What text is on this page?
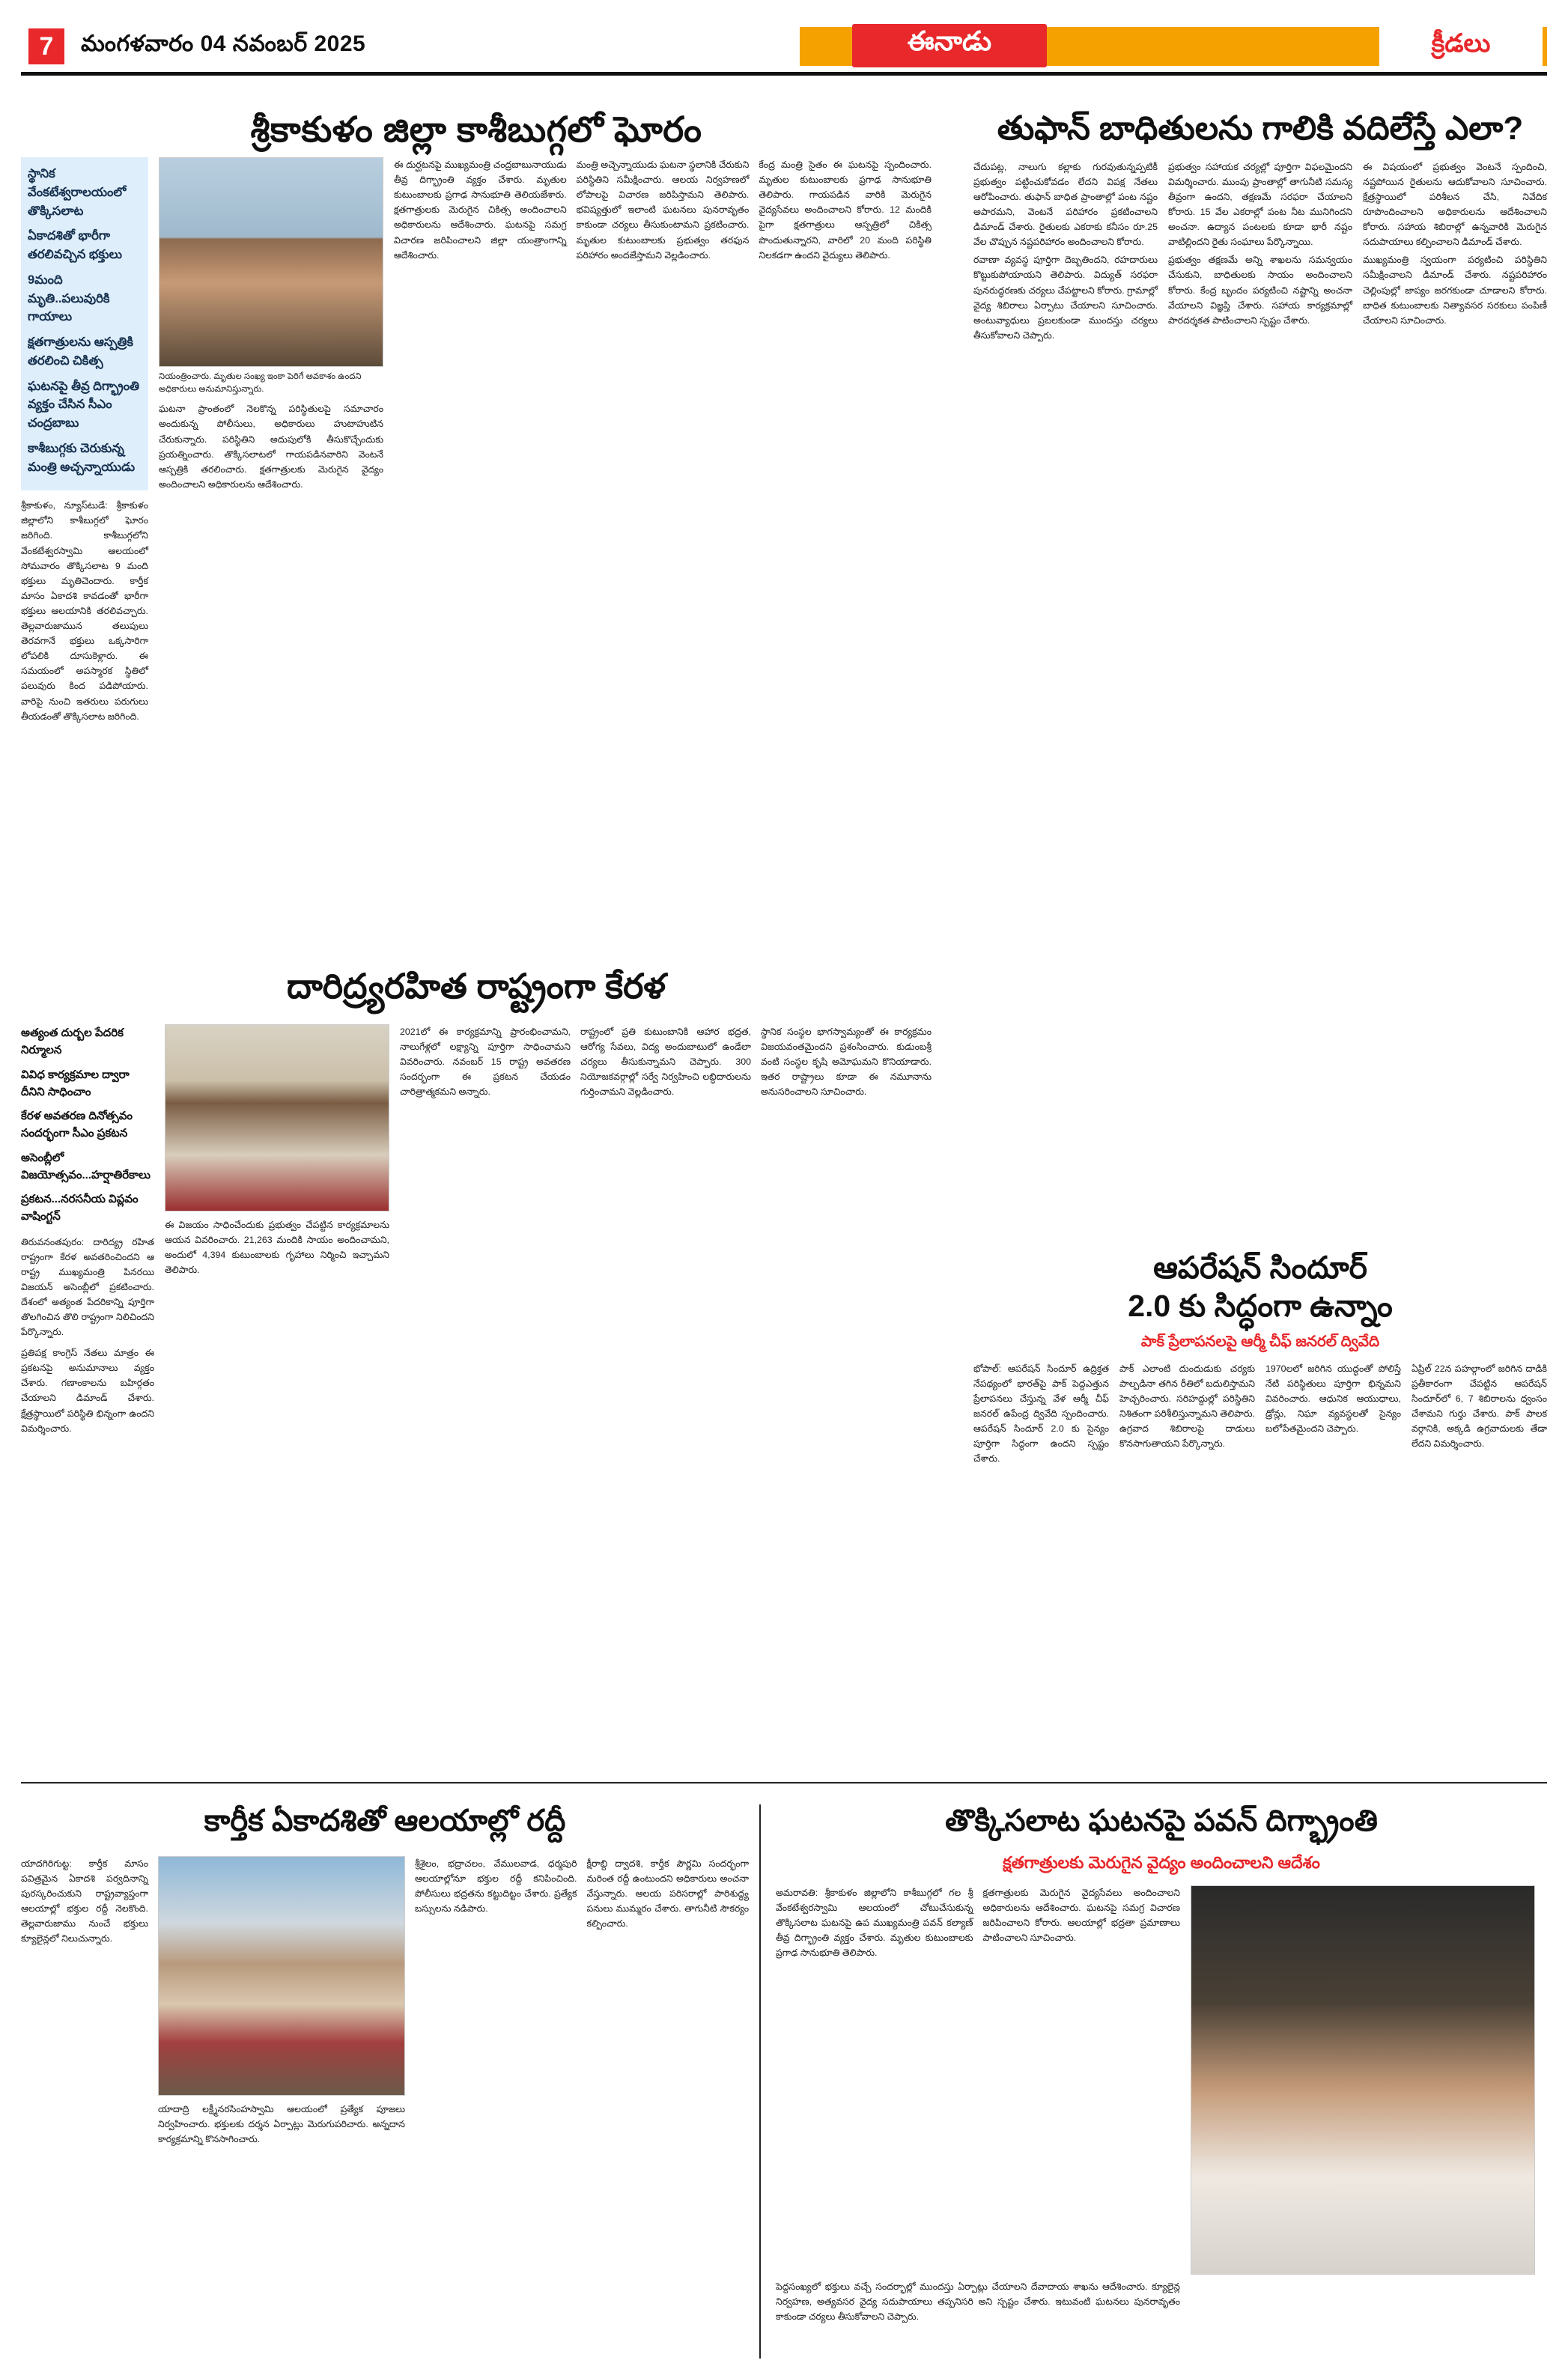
7	మంగళవారం 04 నవంబర్ 2025	ఈనాడు	క్రీడలు
శ్రీకాకుళం జిల్లా కాశీబుగ్గలో ఘోరం
స్థానిక వేంకటేశ్వరాలయంలో తొక్కిసలాట
ఏకాదశితో భారీగా తరలివచ్చిన భక్తులు
9మంది మృతి..పలువురికి గాయాలు
క్షతగాత్రులను ఆస్పత్రికి తరలించి చికిత్స
ఘటనపై తీవ్ర దిగ్భ్రాంతి వ్యక్తం చేసిన సీఎం చంద్రబాబు
కాశీబుగ్గకు చెరుకున్న మంత్రి అచ్చన్నాయుడు
శ్రీకాకుళం, న్యూస్‌టుడే: శ్రీకాకుళం జిల్లాలోని కాశీబుగ్గలో ఘోరం జరిగింది. కాశీబుగ్గలోని వేంకటేశ్వరస్వామి ఆలయంలో సోమవారం తొక్కిసలాట 9 మంది భక్తులు మృతిచెందారు. కార్తీక మాసం ఏకాదశి కావడంతో భారీగా భక్తులు ఆలయానికి తరలివచ్చారు. తెల్లవారుజామున తలుపులు తెరవగానే భక్తులు ఒక్కసారిగా లోపలికి దూసుకెళ్లారు. ఈ సమయంలో అపస్మారక స్థితిలో పలువురు కింద పడిపోయారు. వారిపై నుంచి ఇతరులు పరుగులు తీయడంతో తొక్కిసలాట జరిగింది.
నియంత్రించారు. మృతుల సంఖ్య ఇంకా పెరిగే అవకాశం ఉందని అధికారులు అనుమానిస్తున్నారు.
ఘటనా ప్రాంతంలో నెలకొన్న పరిస్థితులపై సమాచారం అందుకున్న పోలీసులు, అధికారులు హుటాహుటిన చేరుకున్నారు. పరిస్థితిని అదుపులోకి తీసుకొచ్చేందుకు ప్రయత్నించారు. తొక్కిసలాటలో గాయపడినవారిని వెంటనే ఆస్పత్రికి తరలించారు. క్షతగాత్రులకు మెరుగైన వైద్యం అందించాలని అధికారులను ఆదేశించారు.
ఈ దుర్ఘటనపై ముఖ్యమంత్రి చంద్రబాబునాయుడు తీవ్ర దిగ్భ్రాంతి వ్యక్తం చేశారు. మృతుల కుటుంబాలకు ప్రగాఢ సానుభూతి తెలియజేశారు. క్షతగాత్రులకు మెరుగైన చికిత్స అందించాలని అధికారులను ఆదేశించారు. ఘటనపై సమగ్ర విచారణ జరిపించాలని జిల్లా యంత్రాంగాన్ని ఆదేశించారు.
మంత్రి అచ్చెన్నాయుడు ఘటనా స్థలానికి చేరుకుని పరిస్థితిని సమీక్షించారు. ఆలయ నిర్వహణలో లోపాలపై విచారణ జరిపిస్తామని తెలిపారు. భవిష్యత్తులో ఇలాంటి ఘటనలు పునరావృతం కాకుండా చర్యలు తీసుకుంటామని ప్రకటించారు. మృతుల కుటుంబాలకు ప్రభుత్వం తరఫున పరిహారం అందజేస్తామని వెల్లడించారు.
కేంద్ర మంత్రి సైతం ఈ ఘటనపై స్పందించారు. మృతుల కుటుంబాలకు ప్రగాఢ సానుభూతి తెలిపారు. గాయపడిన వారికి మెరుగైన వైద్యసేవలు అందించాలని కోరారు. 12 మందికి పైగా క్షతగాత్రులు ఆస్పత్రిలో చికిత్స పొందుతున్నారని, వారిలో 20 మంది పరిస్థితి నిలకడగా ఉందని వైద్యులు తెలిపారు.
తుఫాన్‌ బాధితులను గాలికి వదిలేస్తే ఎలా?
చేదుపట్ల, నాలుగు కల్లాకు గురవుతున్నప్పటికీ ప్రభుత్వం పట్టించుకోవడం లేదని విపక్ష నేతలు ఆరోపించారు. తుఫాన్‌ బాధిత ప్రాంతాల్లో పంట నష్టం అపారమని, వెంటనే పరిహారం ప్రకటించాలని డిమాండ్‌ చేశారు. రైతులకు ఎకరాకు కనీసం రూ.25 వేల చొప్పున నష్టపరిహారం అందించాలని కోరారు.
ప్రభుత్వం సహాయక చర్యల్లో పూర్తిగా విఫలమైందని విమర్శించారు. ముంపు ప్రాంతాల్లో తాగునీటి సమస్య తీవ్రంగా ఉందని, తక్షణమే సరఫరా చేయాలని కోరారు. 15 వేల ఎకరాల్లో పంట నీట మునిగిందని అంచనా. ఉద్యాన పంటలకు కూడా భారీ నష్టం వాటిల్లిందని రైతు సంఘాలు పేర్కొన్నాయి.
ఈ విషయంలో ప్రభుత్వం వెంటనే స్పందించి, నష్టపోయిన రైతులను ఆదుకోవాలని సూచించారు. క్షేత్రస్థాయిలో పరిశీలన చేసి, నివేదిక రూపొందించాలని అధికారులను ఆదేశించాలని కోరారు. సహాయ శిబిరాల్లో ఉన్నవారికి మెరుగైన సదుపాయాలు కల్పించాలని డిమాండ్‌ చేశారు.
రవాణా వ్యవస్థ పూర్తిగా దెబ్బతిందని, రహదారులు కొట్టుకుపోయాయని తెలిపారు. విద్యుత్‌ సరఫరా పునరుద్ధరణకు చర్యలు చేపట్టాలని కోరారు. గ్రామాల్లో వైద్య శిబిరాలు ఏర్పాటు చేయాలని సూచించారు. అంటువ్యాధులు ప్రబలకుండా ముందస్తు చర్యలు తీసుకోవాలని చెప్పారు.
ప్రభుత్వం తక్షణమే అన్ని శాఖలను సమన్వయం చేసుకుని, బాధితులకు సాయం అందించాలని కోరారు. కేంద్ర బృందం పర్యటించి నష్టాన్ని అంచనా వేయాలని విజ్ఞప్తి చేశారు. సహాయ కార్యక్రమాల్లో పారదర్శకత పాటించాలని స్పష్టం చేశారు.
ముఖ్యమంత్రి స్వయంగా పర్యటించి పరిస్థితిని సమీక్షించాలని డిమాండ్‌ చేశారు. నష్టపరిహారం చెల్లింపుల్లో జాప్యం జరగకుండా చూడాలని కోరారు. బాధిత కుటుంబాలకు నిత్యావసర సరకులు పంపిణీ చేయాలని సూచించారు.
దారిద్ర్యరహిత రాష్ట్రంగా కేరళ
అత్యంత దుర్బల పేదరిక నిర్మూలన
వివిధ కార్యక్రమాల ద్వారా దీనిని సాధించాం
కేరళ అవతరణ దినోత్సవం సందర్భంగా సీఎం ప్రకటన
అసెంబ్లీలో విజయోత్సవం...హర్షాతిరేకాలు
ప్రకటన...నరసనీయ విప్లవం వాషింగ్టన్
తిరువనంతపురం: దారిద్య్ర రహిత రాష్ట్రంగా కేరళ అవతరించిందని ఆ రాష్ట్ర ముఖ్యమంత్రి పినరయి విజయన్‌ అసెంబ్లీలో ప్రకటించారు. దేశంలో అత్యంత పేదరికాన్ని పూర్తిగా తొలగించిన తొలి రాష్ట్రంగా నిలిచిందని పేర్కొన్నారు.
ఈ విజయం సాధించేందుకు ప్రభుత్వం చేపట్టిన కార్యక్రమాలను ఆయన వివరించారు. 21,263 మందికి సాయం అందించామని, అందులో 4,394 కుటుంబాలకు గృహాలు నిర్మించి ఇచ్చామని తెలిపారు.
2021లో ఈ కార్యక్రమాన్ని ప్రారంభించామని, నాలుగేళ్లలో లక్ష్యాన్ని పూర్తిగా సాధించామని వివరించారు. నవంబర్‌ 15 రాష్ట్ర అవతరణ సందర్భంగా ఈ ప్రకటన చేయడం చారిత్రాత్మకమని అన్నారు.
రాష్ట్రంలో ప్రతి కుటుంబానికి ఆహార భద్రత, ఆరోగ్య సేవలు, విద్య అందుబాటులో ఉండేలా చర్యలు తీసుకున్నామని చెప్పారు. 300 నియోజకవర్గాల్లో సర్వే నిర్వహించి లబ్ధిదారులను గుర్తించామని వెల్లడించారు.
స్థానిక సంస్థల భాగస్వామ్యంతో ఈ కార్యక్రమం విజయవంతమైందని ప్రశంసించారు. కుడుంబశ్రీ వంటి సంస్థల కృషి అమోఘమని కొనియాడారు. ఇతర రాష్ట్రాలు కూడా ఈ నమూనాను అనుసరించాలని సూచించారు.
ప్రతిపక్ష కాంగ్రెస్‌ నేతలు మాత్రం ఈ ప్రకటనపై అనుమానాలు వ్యక్తం చేశారు. గణాంకాలను బహిర్గతం చేయాలని డిమాండ్‌ చేశారు. క్షేత్రస్థాయిలో పరిస్థితి భిన్నంగా ఉందని విమర్శించారు.
ఆపరేషన్‌ సిందూర్‌
2.0 కు సిద్ధంగా ఉన్నాం
పాక్‌ ప్రేలాపనలపై ఆర్మీ చీఫ్‌ జనరల్‌ ద్వివేది
భోపాల్‌: ఆపరేషన్‌ సిందూర్‌ ఉద్రిక్తత నేపథ్యంలో భారత్‌పై పాక్‌ పెద్దఎత్తున ప్రేలాపనలు చేస్తున్న వేళ ఆర్మీ చీఫ్‌ జనరల్‌ ఉపేంద్ర ద్వివేది స్పందించారు. ఆపరేషన్‌ సిందూర్‌ 2.0 కు సైన్యం పూర్తిగా సిద్ధంగా ఉందని స్పష్టం చేశారు.
పాక్‌ ఎలాంటి దుందుడుకు చర్యకు పాల్పడినా తగిన రీతిలో బదులిస్తామని హెచ్చరించారు. సరిహద్దుల్లో పరిస్థితిని నిశితంగా పరిశీలిస్తున్నామని తెలిపారు. ఉగ్రవాద శిబిరాలపై దాడులు కొనసాగుతాయని పేర్కొన్నారు.
1970లలో జరిగిన యుద్ధంతో పోలిస్తే నేటి పరిస్థితులు పూర్తిగా భిన్నమని వివరించారు. ఆధునిక ఆయుధాలు, డ్రోన్లు, నిఘా వ్యవస్థలతో సైన్యం బలోపేతమైందని చెప్పారు.
ఏప్రిల్‌ 22న పహల్గాంలో జరిగిన దాడికి ప్రతీకారంగా చేపట్టిన ఆపరేషన్‌ సిందూర్‌లో 6, 7 శిబిరాలను ధ్వంసం చేశామని గుర్తు చేశారు. పాక్‌ పాలక వర్గానికి, అక్కడి ఉగ్రవాదులకు తేడా లేదని విమర్శించారు.
కార్తీక ఏకాదశితో ఆలయాల్లో రద్దీ
యాదగిరిగుట్ట: కార్తీక మాసం పవిత్రమైన ఏకాదశి పర్వదినాన్ని పురస్కరించుకుని రాష్ట్రవ్యాప్తంగా ఆలయాల్లో భక్తుల రద్దీ నెలకొంది. తెల్లవారుజాము నుంచే భక్తులు క్యూలైన్లలో నిలుచున్నారు.
యాదాద్రి లక్ష్మీనరసింహస్వామి ఆలయంలో ప్రత్యేక పూజలు నిర్వహించారు. భక్తులకు దర్శన ఏర్పాట్లు మెరుగుపరిచారు. అన్నదాన కార్యక్రమాన్ని కొనసాగించారు.
శ్రీశైలం, భద్రాచలం, వేములవాడ, ధర్మపురి ఆలయాల్లోనూ భక్తుల రద్దీ కనిపించింది. పోలీసులు భద్రతను కట్టుదిట్టం చేశారు. ప్రత్యేక బస్సులను నడిపారు.
క్షీరాబ్ది ద్వాదశి, కార్తీక పౌర్ణమి సందర్భంగా మరింత రద్దీ ఉంటుందని అధికారులు అంచనా వేస్తున్నారు. ఆలయ పరిసరాల్లో పారిశుద్ధ్య పనులు ముమ్మరం చేశారు. తాగునీటి సౌకర్యం కల్పించారు.
తొక్కిసలాట ఘటనపై పవన్‌ దిగ్భ్రాంతి
క్షతగాత్రులకు మెరుగైన వైద్యం అందించాలని ఆదేశం
అమరావతి: శ్రీకాకుళం జిల్లాలోని కాశీబుగ్గలో గల శ్రీ వేంకటేశ్వరస్వామి ఆలయంలో చోటుచేసుకున్న తొక్కిసలాట ఘటనపై ఉప ముఖ్యమంత్రి పవన్‌ కల్యాణ్‌ తీవ్ర దిగ్భ్రాంతి వ్యక్తం చేశారు. మృతుల కుటుంబాలకు ప్రగాఢ సానుభూతి తెలిపారు.
క్షతగాత్రులకు మెరుగైన వైద్యసేవలు అందించాలని అధికారులను ఆదేశించారు. ఘటనపై సమగ్ర విచారణ జరిపించాలని కోరారు. ఆలయాల్లో భద్రతా ప్రమాణాలు పాటించాలని సూచించారు.
పెద్దసంఖ్యలో భక్తులు వచ్చే సందర్భాల్లో ముందస్తు ఏర్పాట్లు చేయాలని దేవాదాయ శాఖను ఆదేశించారు. క్యూలైన్ల నిర్వహణ, అత్యవసర వైద్య సదుపాయాలు తప్పనిసరి అని స్పష్టం చేశారు. ఇటువంటి ఘటనలు పునరావృతం కాకుండా చర్యలు తీసుకోవాలని చెప్పారు.
